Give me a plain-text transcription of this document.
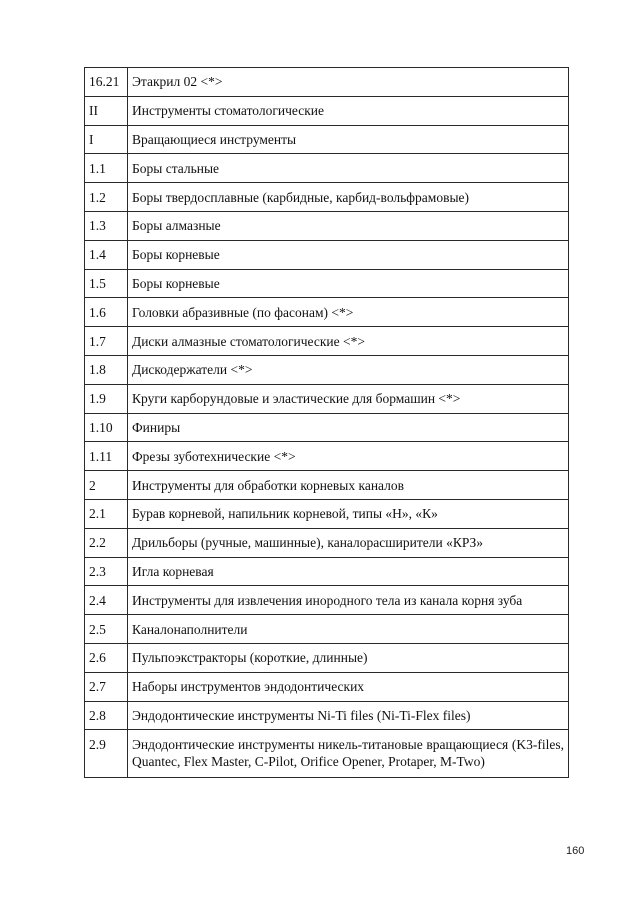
16.21	Этакрил 02 <*>
II	Инструменты стоматологические
I	Вращающиеся инструменты
1.1	Боры стальные
1.2	Боры твердосплавные (карбидные, карбид-вольфрамовые)
1.3	Боры алмазные
1.4	Боры корневые
1.5	Боры корневые
1.6	Головки абразивные (по фасонам) <*>
1.7	Диски алмазные стоматологические <*>
1.8	Дискодержатели <*>
1.9	Круги карборундовые и эластические для бормашин <*>
1.10	Финиры
1.11	Фрезы зуботехнические <*>
2	Инструменты для обработки корневых каналов
2.1	Бурав корневой, напильник корневой, типы «Н», «К»
2.2	Дрильборы (ручные, машинные), каналорасширители «КРЗ»
2.3	Игла корневая
2.4	Инструменты для извлечения инородного тела из канала корня зуба
2.5	Каналонаполнители
2.6	Пульпоэкстракторы (короткие, длинные)
2.7	Наборы инструментов эндодонтических
2.8	Эндодонтические инструменты Ni-Ti files (Ni-Ti-Flex files)
2.9	Эндодонтические инструменты никель-титановые вращающиеся (K3-files, Quantec, Flex Master, C-Pilot, Orifice Opener, Protaper, M-Two)
160
